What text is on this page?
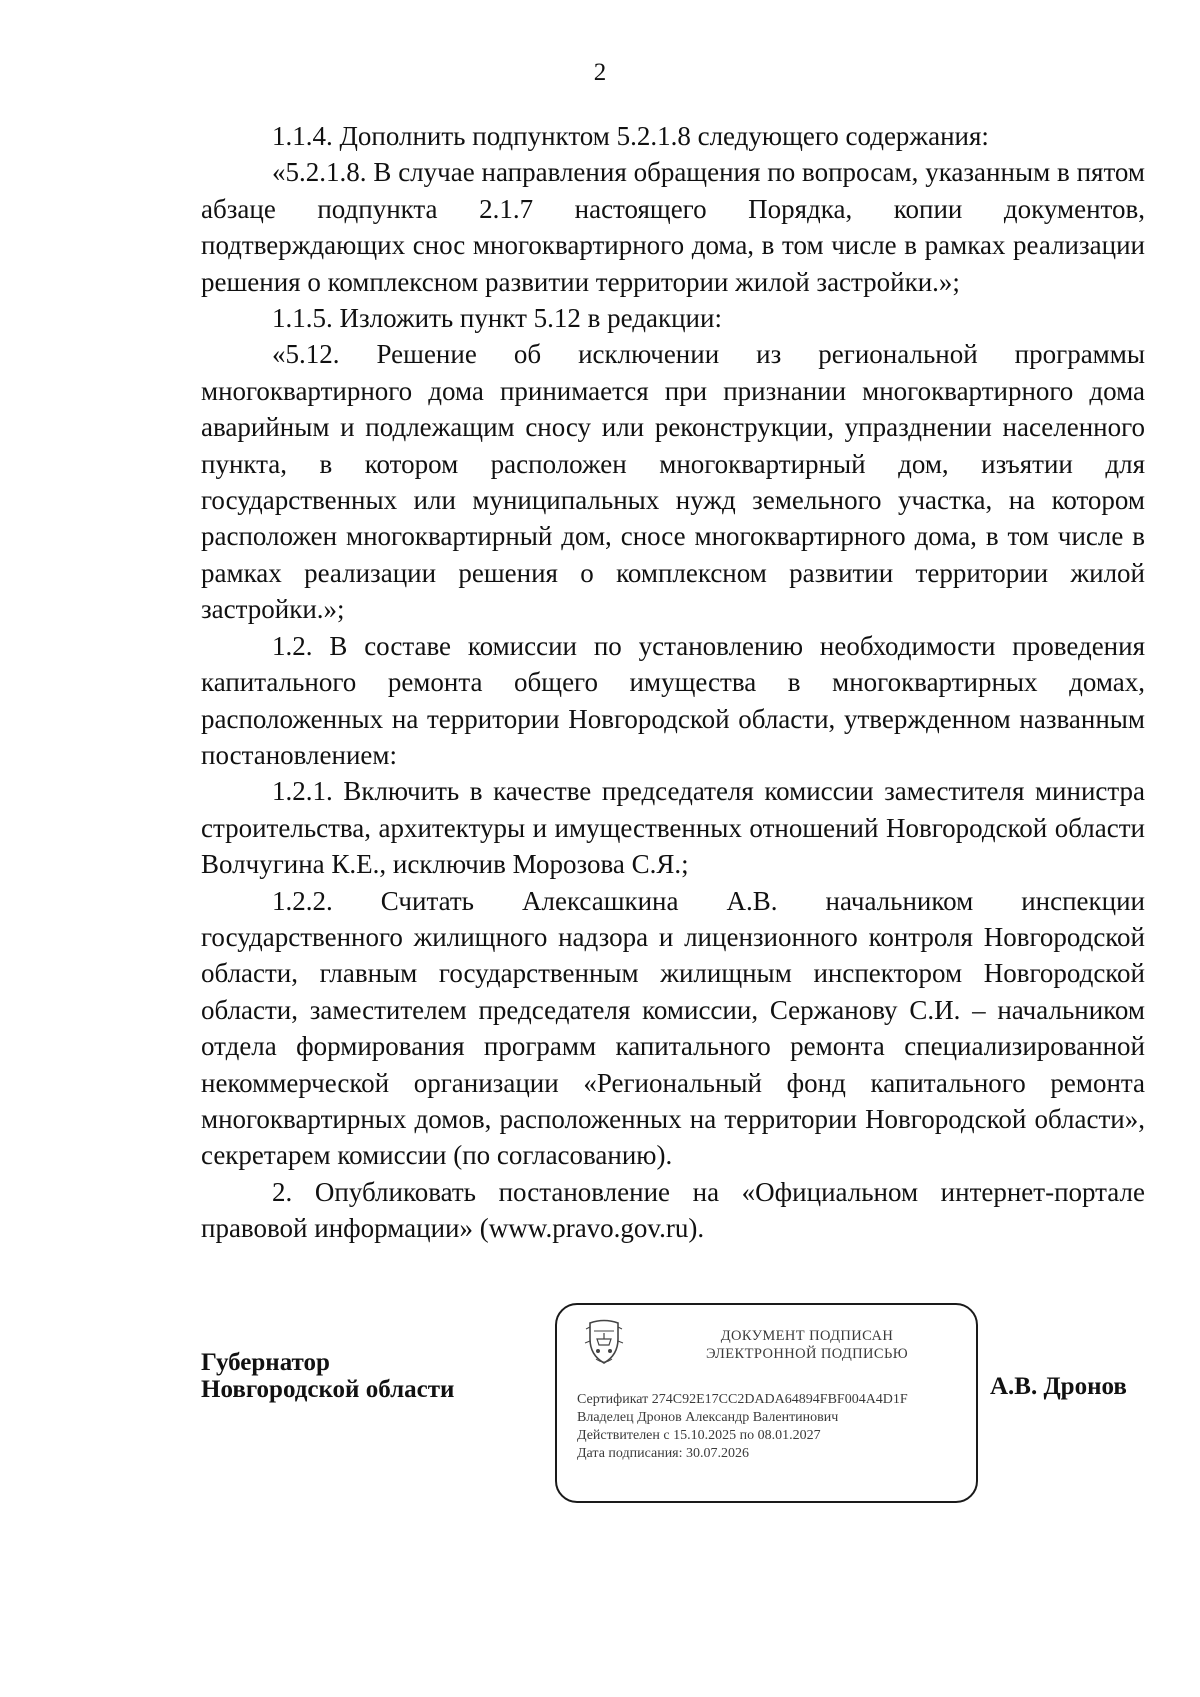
2

1.1.4. Дополнить подпунктом 5.2.1.8 следующего содержания:

«5.2.1.8. В случае направления обращения по вопросам, указанным в пятом абзаце подпункта 2.1.7 настоящего Порядка, копии документов, подтверждающих снос многоквартирного дома, в том числе в рамках реализации решения о комплексном развитии территории жилой застройки.»;

1.1.5. Изложить пункт 5.12 в редакции:

«5.12. Решение об исключении из региональной программы многоквартирного дома принимается при признании многоквартирного дома аварийным и подлежащим сносу или реконструкции, упразднении населенного пункта, в котором расположен многоквартирный дом, изъятии для государственных или муниципальных нужд земельного участка, на котором расположен многоквартирный дом, сносе многоквартирного дома, в том числе в рамках реализации решения о комплексном развитии территории жилой застройки.»;

1.2. В составе комиссии по установлению необходимости проведения капитального ремонта общего имущества в многоквартирных домах, расположенных на территории Новгородской области, утвержденном названным постановлением:

1.2.1. Включить в качестве председателя комиссии заместителя министра строительства, архитектуры и имущественных отношений Новгородской области Волчугина К.Е., исключив Морозова С.Я.;

1.2.2. Считать Алексашкина А.В. начальником инспекции государственного жилищного надзора и лицензионного контроля Новгородской области, главным государственным жилищным инспектором Новгородской области, заместителем председателя комиссии, Сержанову С.И. – начальником отдела формирования программ капитального ремонта специализированной некоммерческой организации «Региональный фонд капитального ремонта многоквартирных домов, расположенных на территории Новгородской области», секретарем комиссии (по согласованию).

2. Опубликовать постановление на «Официальном интернет-портале правовой информации» (www.pravo.gov.ru).

Губернатор
Новгородской области
ДОКУМЕНТ ПОДПИСАН
ЭЛЕКТРОННОЙ ПОДПИСЬЮ
Сертификат 274C92E17CC2DADA64894FBF004A4D1F
Владелец Дронов Александр Валентинович
Действителен с 15.10.2025 по 08.01.2027
Дата подписания: 30.07.2026
А.В. Дронов
